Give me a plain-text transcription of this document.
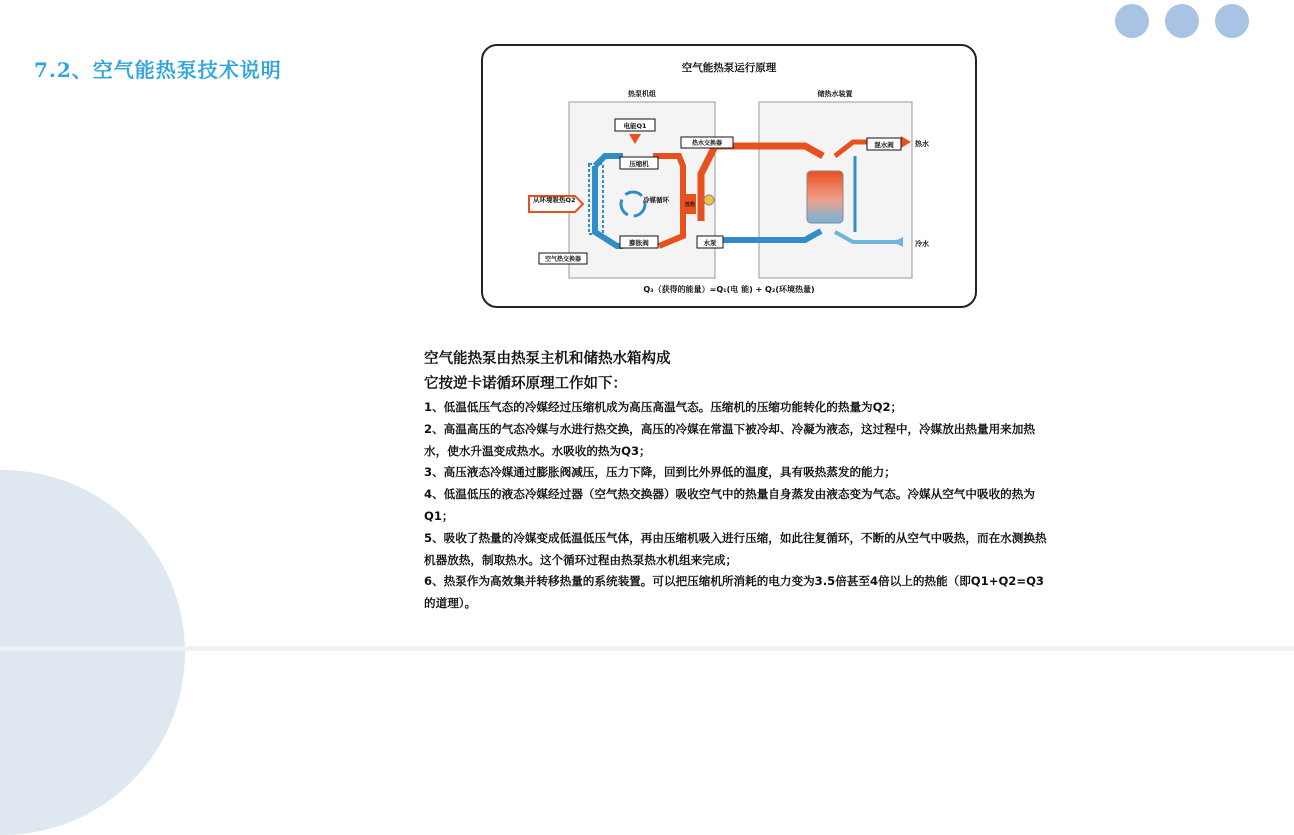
7.2、空气能热泵技术说明	空气能热泵运行原理
热泵机组	储热水装置
从环境吸热Q2
电能Q1
压缩机
冷媒循环
膨胀阀
热水交换器
放热
水泵
空气热交换器
混水阀	热水
冷水
Q₃（获得的能量）=Q₁(电 能) + Q₂(环境热量)

空气能热泵由热泵主机和储热水箱构成

它按逆卡诺循环原理工作如下：

1、低温低压气态的冷媒经过压缩机成为高压高温气态。压缩机的压缩功能转化的热量为Q2；

2、高温高压的气态冷媒与水进行热交换，高压的冷媒在常温下被冷却、冷凝为液态，这过程中，冷媒放出热量用来加热水，使水升温变成热水。水吸收的热为Q3；

3、高压液态冷媒通过膨胀阀减压，压力下降，回到比外界低的温度，具有吸热蒸发的能力；

4、低温低压的液态冷媒经过器（空气热交换器）吸收空气中的热量自身蒸发由液态变为气态。冷媒从空气中吸收的热为Q1；

5、吸收了热量的冷媒变成低温低压气体，再由压缩机吸入进行压缩，如此往复循环，不断的从空气中吸热，而在水测换热机器放热，制取热水。这个循环过程由热泵热水机组来完成；

6、热泵作为高效集并转移热量的系统装置。可以把压缩机所消耗的电力变为3.5倍甚至4倍以上的热能（即Q1+Q2=Q3的道理）。
